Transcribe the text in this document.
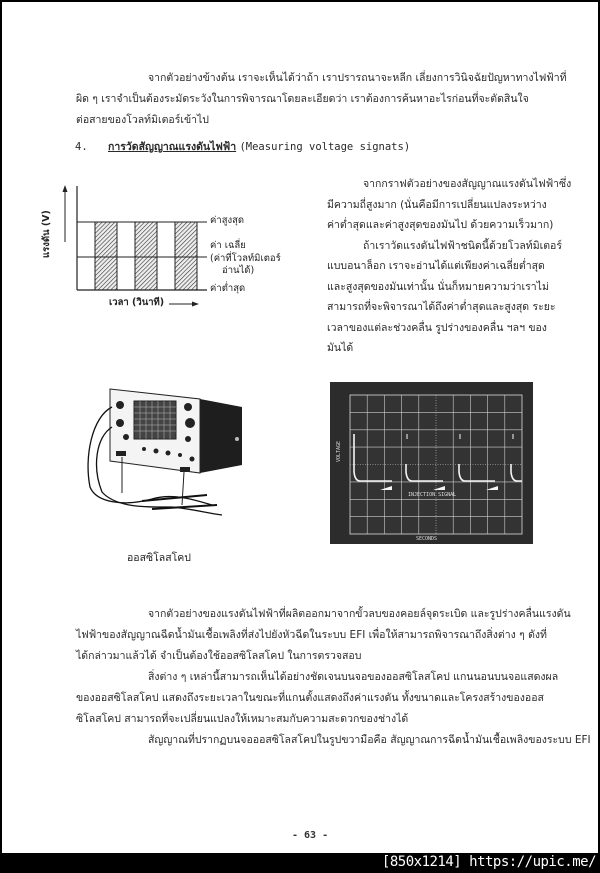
จากตัวอย่างข้างต้น เราจะเห็นได้ว่าถ้า เราปรารถนาจะหลีก เลี่ยงการวินิจฉัยปัญหาทางไฟฟ้าที่
ผิด ๆ เราจำเป็นต้องระมัดระวังในการพิจารณาโดยละเอียดว่า เราต้องการค้นหาอะไรก่อนที่จะตัดสินใจ
ต่อสายของโวลท์มิเตอร์เข้าไป
4. การวัดสัญญาณแรงดันไฟฟ้า (Measuring voltage signats)
แรงดัน (V)
เวลา (วินาที)
ค่าสูงสุด
ค่า เฉลี่ย
(ค่าที่โวลท์มิเตอร์
อ่านได้)
ค่าต่ำสุด
จากกราฟตัวอย่างของสัญญาณแรงดันไฟฟ้าซึ่ง
มีความถี่สูงมาก (นั่นคือมีการเปลี่ยนแปลงระหว่าง
ค่าต่ำสุดและค่าสูงสุดของมันไป ด้วยความเร็วมาก)
ถ้าเราวัดแรงดันไฟฟ้าชนิดนี้ด้วยโวลท์มิเตอร์
แบบอนาล็อก เราจะอ่านได้แต่เพียงค่าเฉลี่ยต่ำสุด
และสูงสุดของมันเท่านั้น นั่นก็หมายความว่าเราไม่
สามารถที่จะพิจารณาได้ถึงค่าต่ำสุดและสูงสุด ระยะ
เวลาของแต่ละช่วงคลื่น รูปร่างของคลื่น ฯลฯ ของ
มันได้
ออสซิโลสโคป
VOLTAGE
INJECTION SIGNAL
SECONDS
จากตัวอย่างของแรงดันไฟฟ้าที่ผลิตออกมาจากขั้วลบของคอยล์จุดระเบิด และรูปร่างคลื่นแรงดัน
ไฟฟ้าของสัญญาณฉีดน้ำมันเชื้อเพลิงที่ส่งไปยังหัวฉีดในระบบ EFI เพื่อให้สามารถพิจารณาถึงสิ่งต่าง ๆ ดังที่
ได้กล่าวมาแล้วได้ จำเป็นต้องใช้ออสซิโลสโคป ในการตรวจสอบ
สิ่งต่าง ๆ เหล่านี้สามารถเห็นได้อย่างชัดเจนบนจอของออสซิโลสโคป แกนนอนบนจอแสดงผล
ของออสซิโลสโคป แสดงถึงระยะเวลาในขณะที่แกนตั้งแสดงถึงค่าแรงดัน ทั้งขนาดและโครงสร้างของออส
ซิโลสโคป สามารถที่จะเปลี่ยนแปลงให้เหมาะสมกับความสะดวกของช่างได้
สัญญาณที่ปรากฏบนจอออสซิโลสโคปในรูปขวามือคือ สัญญาณการฉีดน้ำมันเชื้อเพลิงของระบบ EFI
- 63 -
[850x1214] https://upic.me/
